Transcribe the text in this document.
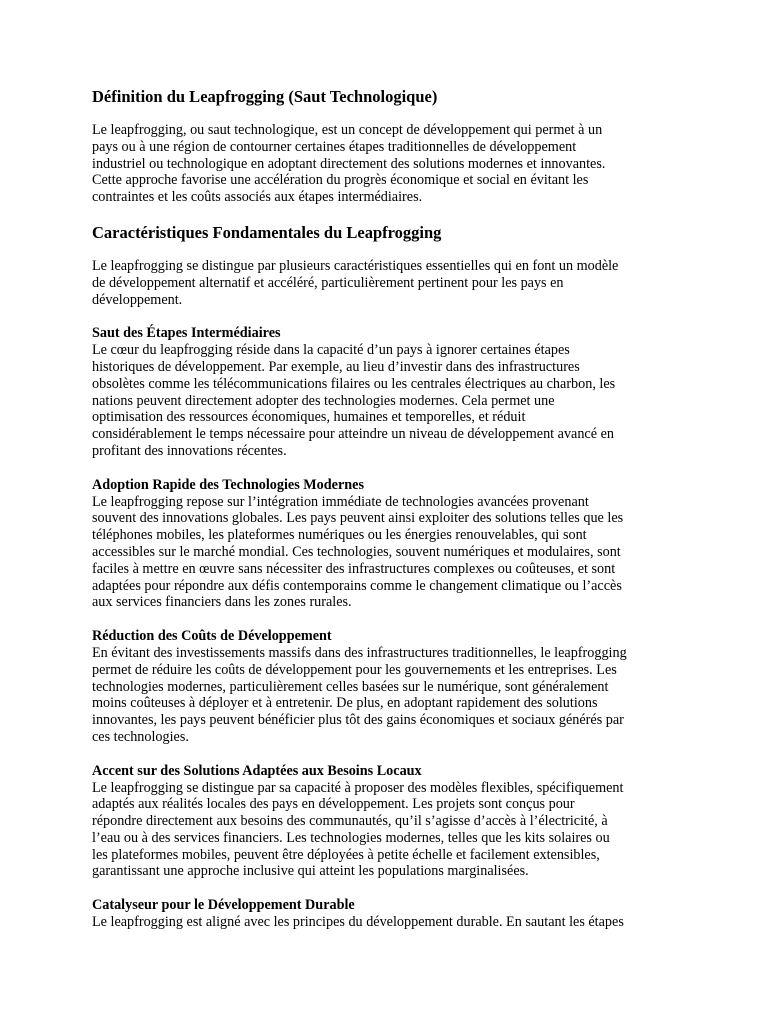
Définition du Leapfrogging (Saut Technologique)

Le leapfrogging, ou saut technologique, est un concept de développement qui permet à un
pays ou à une région de contourner certaines étapes traditionnelles de développement
industriel ou technologique en adoptant directement des solutions modernes et innovantes.
Cette approche favorise une accélération du progrès économique et social en évitant les
contraintes et les coûts associés aux étapes intermédiaires.

Caractéristiques Fondamentales du Leapfrogging

Le leapfrogging se distingue par plusieurs caractéristiques essentielles qui en font un modèle
de développement alternatif et accéléré, particulièrement pertinent pour les pays en
développement.

Saut des Étapes Intermédiaires

Le cœur du leapfrogging réside dans la capacité d’un pays à ignorer certaines étapes
historiques de développement. Par exemple, au lieu d’investir dans des infrastructures
obsolètes comme les télécommunications filaires ou les centrales électriques au charbon, les
nations peuvent directement adopter des technologies modernes. Cela permet une
optimisation des ressources économiques, humaines et temporelles, et réduit
considérablement le temps nécessaire pour atteindre un niveau de développement avancé en
profitant des innovations récentes.

Adoption Rapide des Technologies Modernes

Le leapfrogging repose sur l’intégration immédiate de technologies avancées provenant
souvent des innovations globales. Les pays peuvent ainsi exploiter des solutions telles que les
téléphones mobiles, les plateformes numériques ou les énergies renouvelables, qui sont
accessibles sur le marché mondial. Ces technologies, souvent numériques et modulaires, sont
faciles à mettre en œuvre sans nécessiter des infrastructures complexes ou coûteuses, et sont
adaptées pour répondre aux défis contemporains comme le changement climatique ou l’accès
aux services financiers dans les zones rurales.

Réduction des Coûts de Développement

En évitant des investissements massifs dans des infrastructures traditionnelles, le leapfrogging
permet de réduire les coûts de développement pour les gouvernements et les entreprises. Les
technologies modernes, particulièrement celles basées sur le numérique, sont généralement
moins coûteuses à déployer et à entretenir. De plus, en adoptant rapidement des solutions
innovantes, les pays peuvent bénéficier plus tôt des gains économiques et sociaux générés par
ces technologies.

Accent sur des Solutions Adaptées aux Besoins Locaux

Le leapfrogging se distingue par sa capacité à proposer des modèles flexibles, spécifiquement
adaptés aux réalités locales des pays en développement. Les projets sont conçus pour
répondre directement aux besoins des communautés, qu’il s’agisse d’accès à l’électricité, à
l’eau ou à des services financiers. Les technologies modernes, telles que les kits solaires ou
les plateformes mobiles, peuvent être déployées à petite échelle et facilement extensibles,
garantissant une approche inclusive qui atteint les populations marginalisées.

Catalyseur pour le Développement Durable

Le leapfrogging est aligné avec les principes du développement durable. En sautant les étapes
